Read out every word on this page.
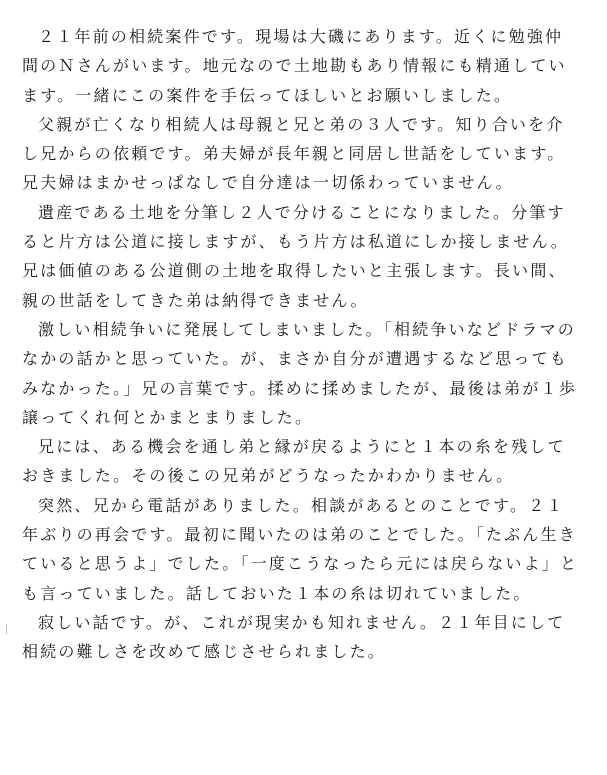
２１年前の相続案件です。現場は大磯にあります。近くに勉強仲
間のＮさんがいます。地元なので土地勘もあり情報にも精通してい
ます。一緒にこの案件を手伝ってほしいとお願いしました。

父親が亡くなり相続人は母親と兄と弟の３人です。知り合いを介
し兄からの依頼です。弟夫婦が長年親と同居し世話をしています。
兄夫婦はまかせっぱなしで自分達は一切係わっていません。

遺産である土地を分筆し２人で分けることになりました。分筆す
ると片方は公道に接しますが、もう片方は私道にしか接しません。
兄は価値のある公道側の土地を取得したいと主張します。長い間、
親の世話をしてきた弟は納得できません。

激しい相続争いに発展してしまいました。「相続争いなどドラマの
なかの話かと思っていた。が、まさか自分が遭遇するなど思っても
みなかった。」兄の言葉です。揉めに揉めましたが、最後は弟が１歩
譲ってくれ何とかまとまりました。

兄には、ある機会を通し弟と縁が戻るようにと１本の糸を残して
おきました。その後この兄弟がどうなったかわかりません。

突然、兄から電話がありました。相談があるとのことです。２１
年ぶりの再会です。最初に聞いたのは弟のことでした。「たぶん生き
ていると思うよ」でした。「一度こうなったら元には戻らないよ」と
も言っていました。話しておいた１本の糸は切れていました。

寂しい話です。が、これが現実かも知れません。２１年目にして
相続の難しさを改めて感じさせられました。
